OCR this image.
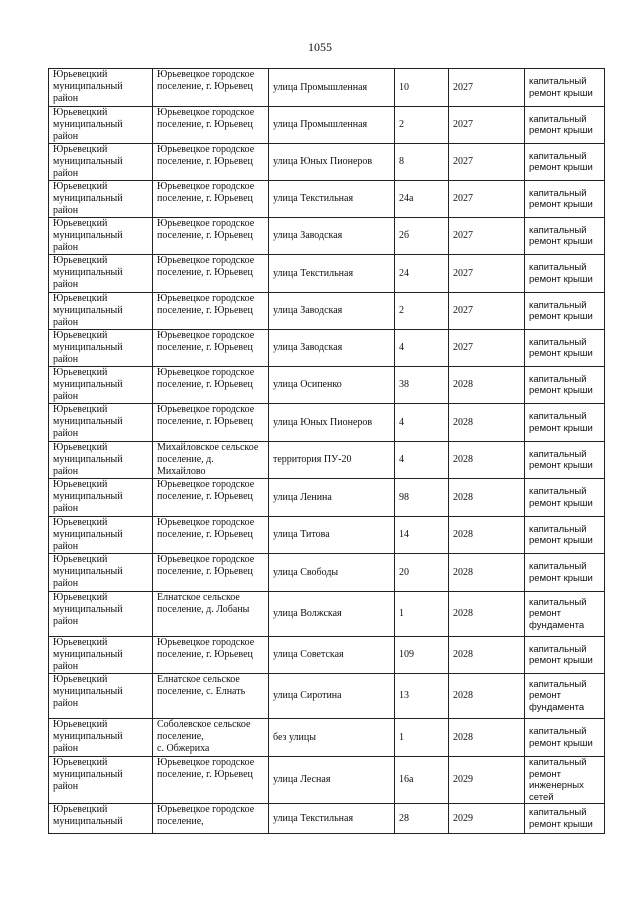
1055
Юрьевецкий муниципальный район	Юрьевецкое городское поселение, г. Юрьевец	улица Промышленная	10	2027	капитальный ремонт крыши

Юрьевецкий муниципальный район	Юрьевецкое городское поселение, г. Юрьевец	улица Промышленная	2	2027	капитальный ремонт крыши

Юрьевецкий муниципальный район	Юрьевецкое городское поселение, г. Юрьевец	улица Юных Пионеров	8	2027	капитальный ремонт крыши

Юрьевецкий муниципальный район	Юрьевецкое городское поселение, г. Юрьевец	улица Текстильная	24а	2027	капитальный ремонт крыши

Юрьевецкий муниципальный район	Юрьевецкое городское поселение, г. Юрьевец	улица Заводская	2б	2027	капитальный ремонт крыши

Юрьевецкий муниципальный район	Юрьевецкое городское поселение, г. Юрьевец	улица Текстильная	24	2027	капитальный ремонт крыши

Юрьевецкий муниципальный район	Юрьевецкое городское поселение, г. Юрьевец	улица Заводская	2	2027	капитальный ремонт крыши

Юрьевецкий муниципальный район	Юрьевецкое городское поселение, г. Юрьевец	улица Заводская	4	2027	капитальный ремонт крыши

Юрьевецкий муниципальный район	Юрьевецкое городское поселение, г. Юрьевец	улица Осипенко	38	2028	капитальный ремонт крыши

Юрьевецкий муниципальный район	Юрьевецкое городское поселение, г. Юрьевец	улица Юных Пионеров	4	2028	капитальный ремонт крыши

Юрьевецкий муниципальный район	Михайловское сельское поселение, д. Михайлово	территория ПУ-20	4	2028	капитальный ремонт крыши

Юрьевецкий муниципальный район	Юрьевецкое городское поселение, г. Юрьевец	улица Ленина	98	2028	капитальный ремонт крыши

Юрьевецкий муниципальный район	Юрьевецкое городское поселение, г. Юрьевец	улица Титова	14	2028	капитальный ремонт крыши

Юрьевецкий муниципальный район	Юрьевецкое городское поселение, г. Юрьевец	улица Свободы	20	2028	капитальный ремонт крыши

Юрьевецкий муниципальный район	Елнатское сельское поселение, д. Лобаны	улица Волжская	1	2028	капитальный ремонт фундамента

Юрьевецкий муниципальный район	Юрьевецкое городское поселение, г. Юрьевец	улица Советская	109	2028	капитальный ремонт крыши

Юрьевецкий муниципальный район	Елнатское сельское поселение, с. Елнать	улица Сиротина	13	2028	капитальный ремонт фундамента

Юрьевецкий муниципальный район	Соболевское сельское поселение,
с. Обжериха	без улицы	1	2028	капитальный ремонт крыши

Юрьевецкий муниципальный район	Юрьевецкое городское поселение, г. Юрьевец	улица Лесная	16а	2029	капитальный ремонт инженерных сетей

Юрьевецкий муниципальный	Юрьевецкое городское поселение,	улица Текстильная	28	2029	капитальный ремонт крыши
